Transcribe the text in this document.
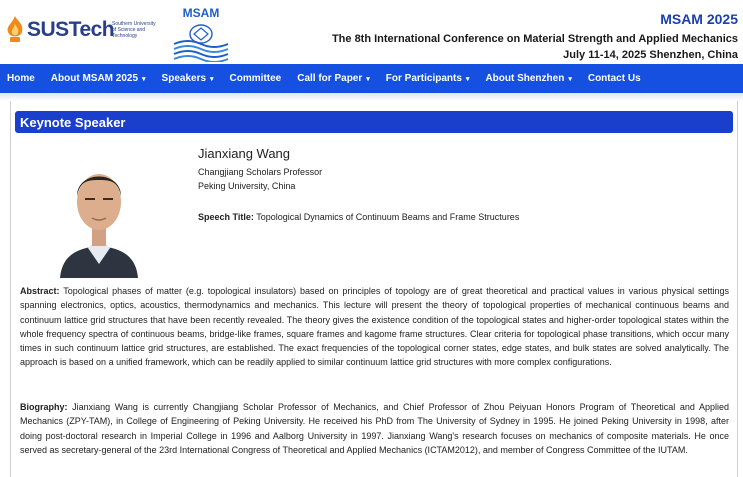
SUSTech
Southern University of Science and Technology
MSAM	MSAM 2025
The 8th International Conference on Material Strength and Applied Mechanics
July 11-14, 2025 Shenzhen, China
Home About MSAM 2025 ▾ Speakers ▾ Committee Call for Paper ▾ For Participants ▾ About Shenzhen ▾ Contact Us
Keynote Speaker
Jianxiang Wang
Changjiang Scholars Professor
Peking University, China
Speech Title: Topological Dynamics of Continuum Beams and Frame Structures

Abstract: Topological phases of matter (e.g. topological insulators) based on principles of topology are of great theoretical and practical values in various physical settings spanning electronics, optics, acoustics, thermodynamics and mechanics. This lecture will present the theory of topological properties of mechanical continuous beams and continuum lattice grid structures that have been recently revealed. The theory gives the existence condition of the topological states and higher-order topological states within the whole frequency spectra of continuous beams, bridge-like frames, square frames and kagome frame structures. Clear criteria for topological phase transitions, which occur many times in such continuum lattice grid structures, are established. The exact frequencies of the topological corner states, edge states, and bulk states are solved analytically. The approach is based on a unified framework, which can be readily applied to similar continuum lattice grid structures with more complex configurations.

Biography: Jianxiang Wang is currently Changjiang Scholar Professor of Mechanics, and Chief Professor of Zhou Peiyuan Honors Program of Theoretical and Applied Mechanics (ZPY-TAM), in College of Engineering of Peking University. He received his PhD from The University of Sydney in 1995. He joined Peking University in 1998, after doing post-doctoral research in Imperial College in 1996 and Aalborg University in 1997. Jianxiang Wang's research focuses on mechanics of composite materials. He once served as secretary-general of the 23rd International Congress of Theoretical and Applied Mechanics (ICTAM2012), and member of Congress Committee of the IUTAM.
